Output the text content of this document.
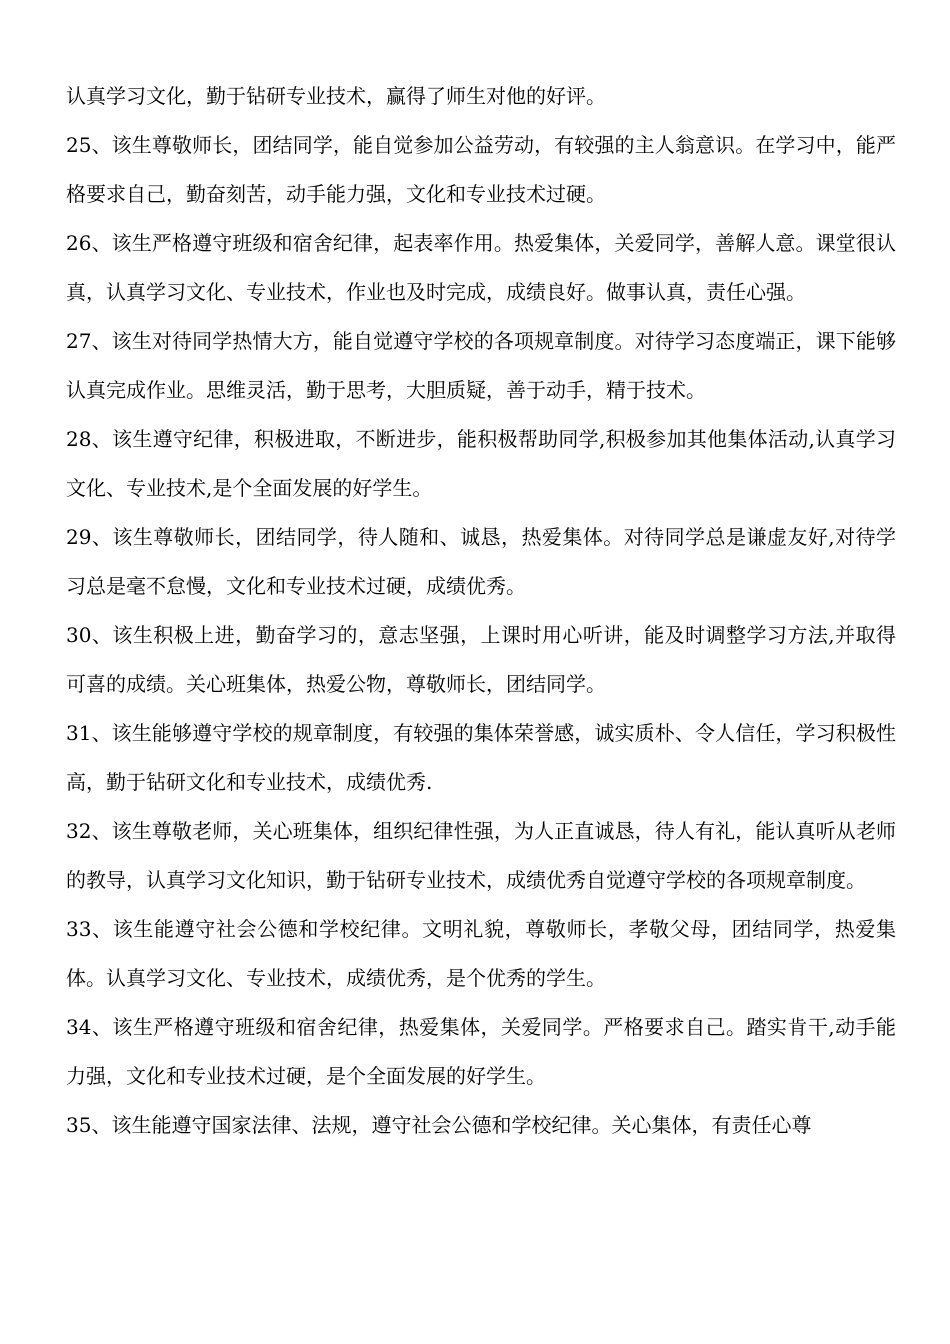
认真学习文化，勤于钻研专业技术，赢得了师生对他的好评。

25、该生尊敬师长，团结同学，能自觉参加公益劳动，有较强的主人翁意识。在学习中，能严格要求自己，勤奋刻苦，动手能力强，文化和专业技术过硬。

26、该生严格遵守班级和宿舍纪律，起表率作用。热爱集体，关爱同学，善解人意。课堂很认真，认真学习文化、专业技术，作业也及时完成，成绩良好。做事认真，责任心强。

27、该生对待同学热情大方，能自觉遵守学校的各项规章制度。对待学习态度端正，课下能够认真完成作业。思维灵活，勤于思考，大胆质疑，善于动手，精于技术。

28、该生遵守纪律，积极进取，不断进步，能积极帮助同学,积极参加其他集体活动,认真学习文化、专业技术,是个全面发展的好学生。

29、该生尊敬师长，团结同学，待人随和、诚恳，热爱集体。对待同学总是谦虚友好,对待学习总是毫不怠慢，文化和专业技术过硬，成绩优秀。

30、该生积极上进，勤奋学习的，意志坚强，上课时用心听讲，能及时调整学习方法,并取得可喜的成绩。关心班集体，热爱公物，尊敬师长，团结同学。

31、该生能够遵守学校的规章制度，有较强的集体荣誉感，诚实质朴、令人信任，学习积极性高，勤于钻研文化和专业技术，成绩优秀.

32、该生尊敬老师，关心班集体，组织纪律性强，为人正直诚恳，待人有礼，能认真听从老师的教导，认真学习文化知识，勤于钻研专业技术，成绩优秀自觉遵守学校的各项规章制度。

33、该生能遵守社会公德和学校纪律。文明礼貌，尊敬师长，孝敬父母，团结同学，热爱集体。认真学习文化、专业技术，成绩优秀，是个优秀的学生。

34、该生严格遵守班级和宿舍纪律，热爱集体，关爱同学。严格要求自己。踏实肯干,动手能力强，文化和专业技术过硬，是个全面发展的好学生。

35、该生能遵守国家法律、法规，遵守社会公德和学校纪律。关心集体，有责任心尊
